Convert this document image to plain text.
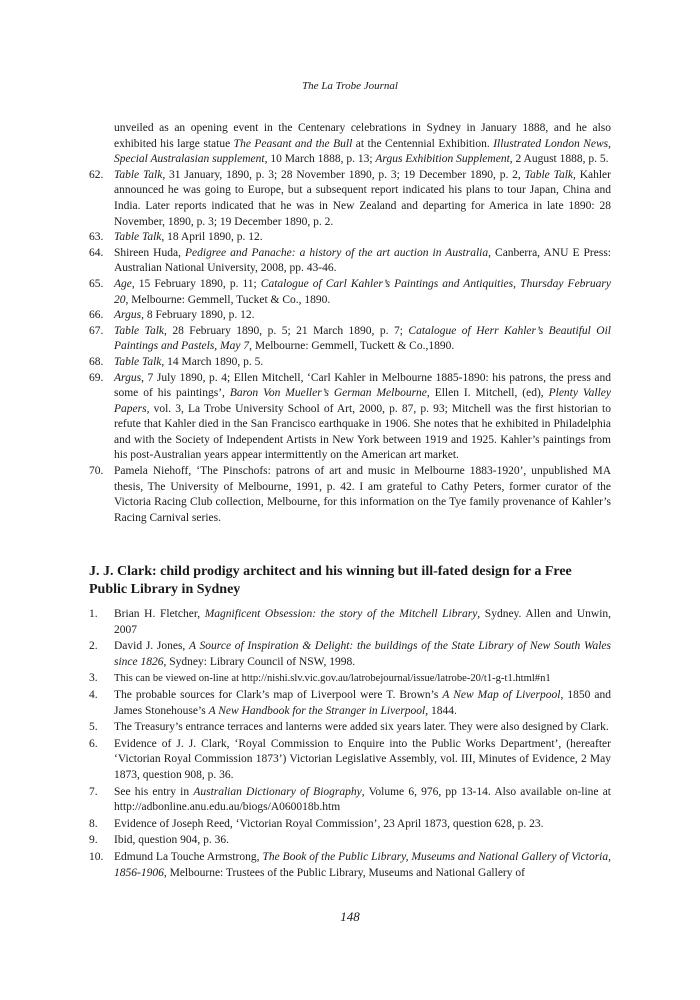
The La Trobe Journal
unveiled as an opening event in the Centenary celebrations in Sydney in January 1888, and he also exhibited his large statue The Peasant and the Bull at the Centennial Exhibition. Illustrated London News, Special Australasian supplement, 10 March 1888, p. 13; Argus Exhibition Supplement, 2 August 1888, p. 5.
62. Table Talk, 31 January, 1890, p. 3; 28 November 1890, p. 3; 19 December 1890, p. 2, Table Talk, Kahler announced he was going to Europe, but a subsequent report indicated his plans to tour Japan, China and India. Later reports indicated that he was in New Zealand and departing for America in late 1890: 28 November, 1890, p. 3; 19 December 1890, p. 2.
63. Table Talk, 18 April 1890, p. 12.
64. Shireen Huda, Pedigree and Panache: a history of the art auction in Australia, Canberra, ANU E Press: Australian National University, 2008, pp. 43-46.
65. Age, 15 February 1890, p. 11; Catalogue of Carl Kahler’s Paintings and Antiquities, Thursday February 20, Melbourne: Gemmell, Tucket & Co., 1890.
66. Argus, 8 February 1890, p. 12.
67. Table Talk, 28 February 1890, p. 5; 21 March 1890, p. 7; Catalogue of Herr Kahler’s Beautiful Oil Paintings and Pastels, May 7, Melbourne: Gemmell, Tuckett & Co.,1890.
68. Table Talk, 14 March 1890, p. 5.
69. Argus, 7 July 1890, p. 4; Ellen Mitchell, ‘Carl Kahler in Melbourne 1885-1890: his patrons, the press and some of his paintings’, Baron Von Mueller’s German Melbourne, Ellen I. Mitchell, (ed), Plenty Valley Papers, vol. 3, La Trobe University School of Art, 2000, p. 87, p. 93; Mitchell was the first historian to refute that Kahler died in the San Francisco earthquake in 1906. She notes that he exhibited in Philadelphia and with the Society of Independent Artists in New York between 1919 and 1925. Kahler’s paintings from his post-Australian years appear intermittently on the American art market.
70. Pamela Niehoff, ‘The Pinschofs: patrons of art and music in Melbourne 1883-1920’, unpublished MA thesis, The University of Melbourne, 1991, p. 42. I am grateful to Cathy Peters, former curator of the Victoria Racing Club collection, Melbourne, for this information on the Tye family provenance of Kahler’s Racing Carnival series.
J. J. Clark: child prodigy architect and his winning but ill-fated design for a Free Public Library in Sydney
1.	Brian H. Fletcher, Magnificent Obsession: the story of the Mitchell Library, Sydney. Allen and Unwin, 2007
2.	David J. Jones, A Source of Inspiration & Delight: the buildings of the State Library of New South Wales since 1826, Sydney: Library Council of NSW, 1998.
3.	This can be viewed on-line at http://nishi.slv.vic.gov.au/latrobejournal/issue/latrobe-20/t1-g-t1.html#n1
4.	The probable sources for Clark’s map of Liverpool were T. Brown’s A New Map of Liverpool, 1850 and James Stonehouse’s A New Handbook for the Stranger in Liverpool, 1844.
5.	The Treasury’s entrance terraces and lanterns were added six years later. They were also designed by Clark.
6.	Evidence of J. J. Clark, ‘Royal Commission to Enquire into the Public Works Department’, (hereafter ‘Victorian Royal Commission 1873’) Victorian Legislative Assembly, vol. III, Minutes of Evidence, 2 May 1873, question 908, p. 36.
7.	See his entry in Australian Dictionary of Biography, Volume 6, 976, pp 13-14. Also available on-line at http://adbonline.anu.edu.au/biogs/A060018b.htm
8.	Evidence of Joseph Reed, ‘Victorian Royal Commission’, 23 April 1873, question 628, p. 23.
9.	Ibid, question 904, p. 36.
10. Edmund La Touche Armstrong, The Book of the Public Library, Museums and National Gallery of Victoria, 1856-1906, Melbourne: Trustees of the Public Library, Museums and National Gallery of
148
